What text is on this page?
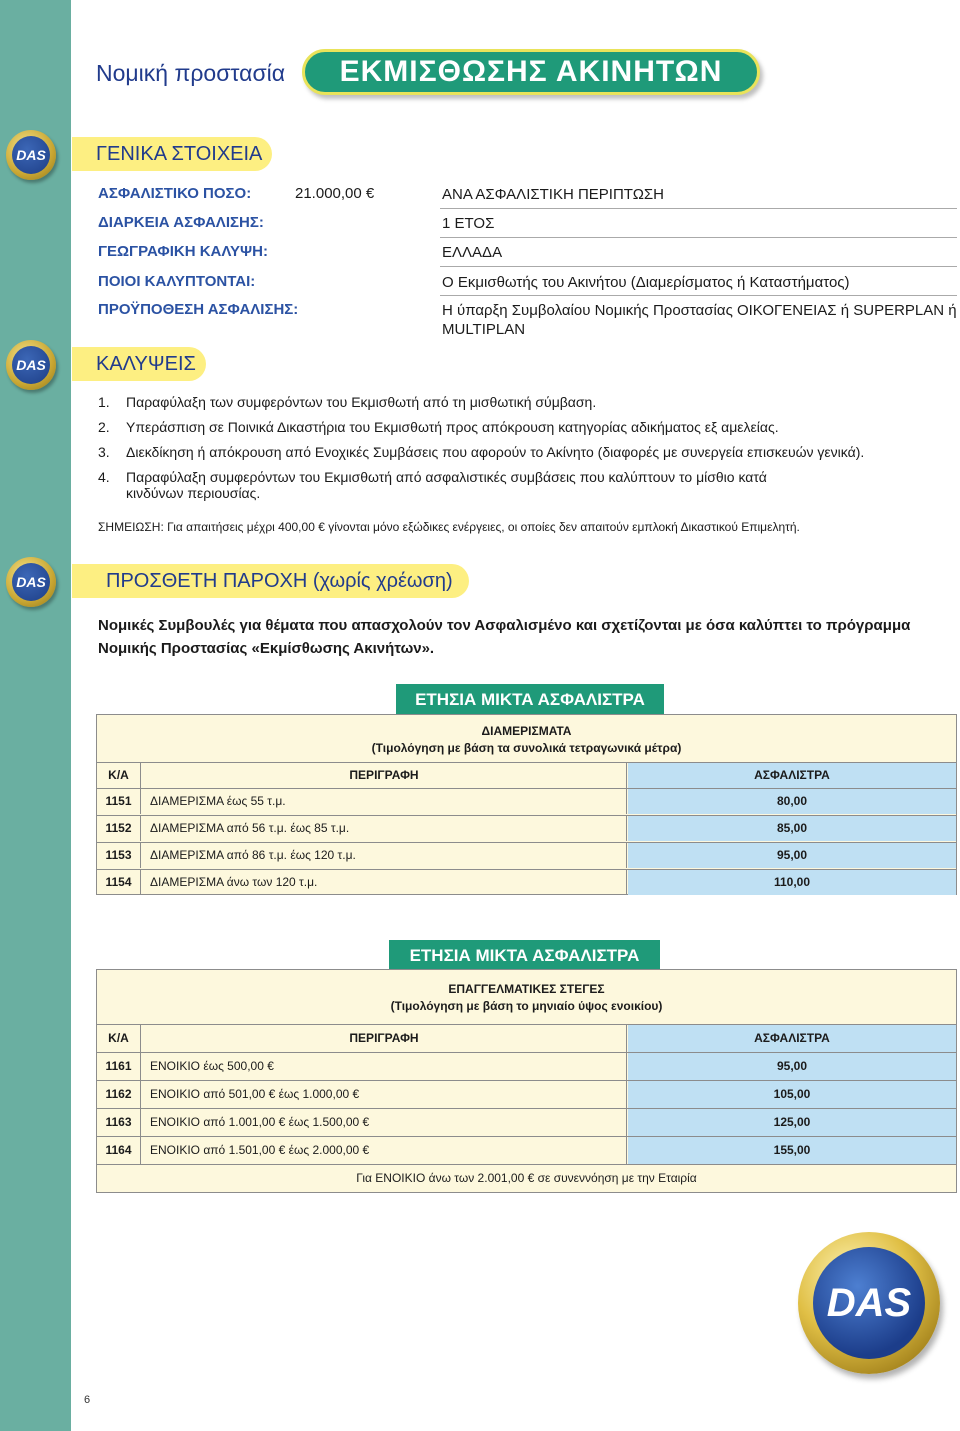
Νομική προστασία	ΕΚΜΙΣΘΩΣΗΣ ΑΚΙΝΗΤΩΝ
DAS	ΓΕΝΙΚΑ ΣΤΟΙΧΕΙΑ
ΑΣΦΑΛΙΣΤΙΚΟ ΠΟΣΟ:	21.000,00 €	ΑΝΑ ΑΣΦΑΛΙΣΤΙΚΗ ΠΕΡΙΠΤΩΣΗ
ΔΙΑΡΚΕΙΑ ΑΣΦΑΛΙΣΗΣ:	1 ΕΤΟΣ
ΓΕΩΓΡΑΦΙΚΗ ΚΑΛΥΨΗ:	ΕΛΛΑΔΑ
ΠΟΙΟΙ ΚΑΛΥΠΤΟΝΤΑΙ:	Ο Εκμισθωτής του Ακινήτου (Διαμερίσματος ή Καταστήματος)
ΠΡΟΫΠΟΘΕΣΗ ΑΣΦΑΛΙΣΗΣ:	Η ύπαρξη Συμβολαίου Νομικής Προστασίας ΟΙΚΟΓΕΝΕΙΑΣ ή SUPERPLAN ή MULTIPLAN
DAS	ΚΑΛΥΨΕΙΣ
1. Παραφύλαξη των συμφερόντων του Εκμισθωτή από τη μισθωτική σύμβαση.
2. Υπεράσπιση σε Ποινικά Δικαστήρια του Εκμισθωτή προς απόκρουση κατηγορίας αδικήματος εξ αμελείας.
3. Διεκδίκηση ή απόκρουση από Ενοχικές Συμβάσεις που αφορούν το Ακίνητο (διαφορές με συνεργεία επισκευών γενικά).
4. Παραφύλαξη συμφερόντων του Εκμισθωτή από ασφαλιστικές συμβάσεις που καλύπτουν το μίσθιο κατά κινδύνων περιουσίας.
ΣΗΜΕΙΩΣΗ: Για απαιτήσεις μέχρι 400,00 € γίνονται μόνο εξώδικες ενέργειες, οι οποίες δεν απαιτούν εμπλοκή Δικαστικού Επιμελητή.
DAS	ΠΡΟΣΘΕΤΗ ΠΑΡΟΧΗ (χωρίς χρέωση)
Νομικές Συμβουλές για θέματα που απασχολούν τον Ασφαλισμένο και σχετίζονται με όσα καλύπτει το πρόγραμμα Νομικής Προστασίας «Εκμίσθωσης Ακινήτων».
ΕΤΗΣΙΑ ΜΙΚΤΑ ΑΣΦΑΛΙΣΤΡΑ
ΔΙΑΜΕΡΙΣΜΑΤΑ
(Τιμολόγηση με βάση τα συνολικά τετραγωνικά μέτρα)
Κ/Α	ΠΕΡΙΓΡΑΦΗ	ΑΣΦΑΛΙΣΤΡΑ
1151	ΔΙΑΜΕΡΙΣΜΑ έως 55 τ.μ.	80,00
1152	ΔΙΑΜΕΡΙΣΜΑ από 56 τ.μ. έως 85 τ.μ.	85,00
1153	ΔΙΑΜΕΡΙΣΜΑ από 86 τ.μ. έως 120 τ.μ.	95,00
1154	ΔΙΑΜΕΡΙΣΜΑ άνω των 120 τ.μ.	110,00
ΕΤΗΣΙΑ ΜΙΚΤΑ ΑΣΦΑΛΙΣΤΡΑ
ΕΠΑΓΓΕΛΜΑΤΙΚΕΣ ΣΤΕΓΕΣ
(Τιμολόγηση με βάση το μηνιαίο ύψος ενοικίου)
Κ/Α	ΠΕΡΙΓΡΑΦΗ	ΑΣΦΑΛΙΣΤΡΑ
1161	ΕΝΟΙΚΙΟ έως 500,00 €	95,00
1162	ΕΝΟΙΚΙΟ από 501,00 € έως 1.000,00 €	105,00
1163	ΕΝΟΙΚΙΟ από 1.001,00 € έως 1.500,00 €	125,00
1164	ΕΝΟΙΚΙΟ από 1.501,00 € έως 2.000,00 €	155,00
Για ΕΝΟΙΚΙΟ άνω των 2.001,00 € σε συνεννόηση με την Εταιρία
DAS
6
